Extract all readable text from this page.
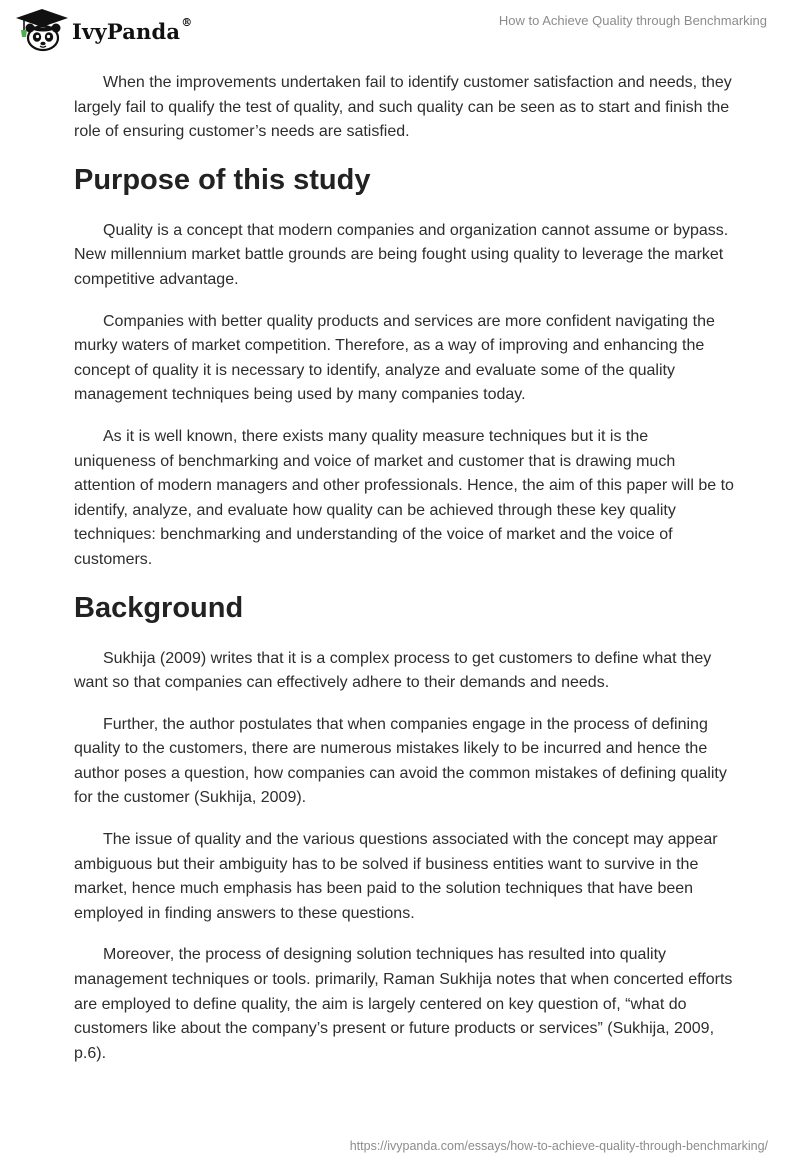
IvyPanda®	How to Achieve Quality through Benchmarking

When the improvements undertaken fail to identify customer satisfaction and needs, they largely fail to qualify the test of quality, and such quality can be seen as to start and finish the role of ensuring customer’s needs are satisfied.

Purpose of this study

Quality is a concept that modern companies and organization cannot assume or bypass. New millennium market battle grounds are being fought using quality to leverage the market competitive advantage.

Companies with better quality products and services are more confident navigating the murky waters of market competition. Therefore, as a way of improving and enhancing the concept of quality it is necessary to identify, analyze and evaluate some of the quality management techniques being used by many companies today.

As it is well known, there exists many quality measure techniques but it is the uniqueness of benchmarking and voice of market and customer that is drawing much attention of modern managers and other professionals. Hence, the aim of this paper will be to identify, analyze, and evaluate how quality can be achieved through these key quality techniques: benchmarking and understanding of the voice of market and the voice of customers.

Background

Sukhija (2009) writes that it is a complex process to get customers to define what they want so that companies can effectively adhere to their demands and needs.

Further, the author postulates that when companies engage in the process of defining quality to the customers, there are numerous mistakes likely to be incurred and hence the author poses a question, how companies can avoid the common mistakes of defining quality for the customer (Sukhija, 2009).

The issue of quality and the various questions associated with the concept may appear ambiguous but their ambiguity has to be solved if business entities want to survive in the market, hence much emphasis has been paid to the solution techniques that have been employed in finding answers to these questions.

Moreover, the process of designing solution techniques has resulted into quality management techniques or tools. primarily, Raman Sukhija notes that when concerted efforts are employed to define quality, the aim is largely centered on key question of, “what do customers like about the company’s present or future products or services” (Sukhija, 2009, p.6).

https://ivypanda.com/essays/how-to-achieve-quality-through-benchmarking/
